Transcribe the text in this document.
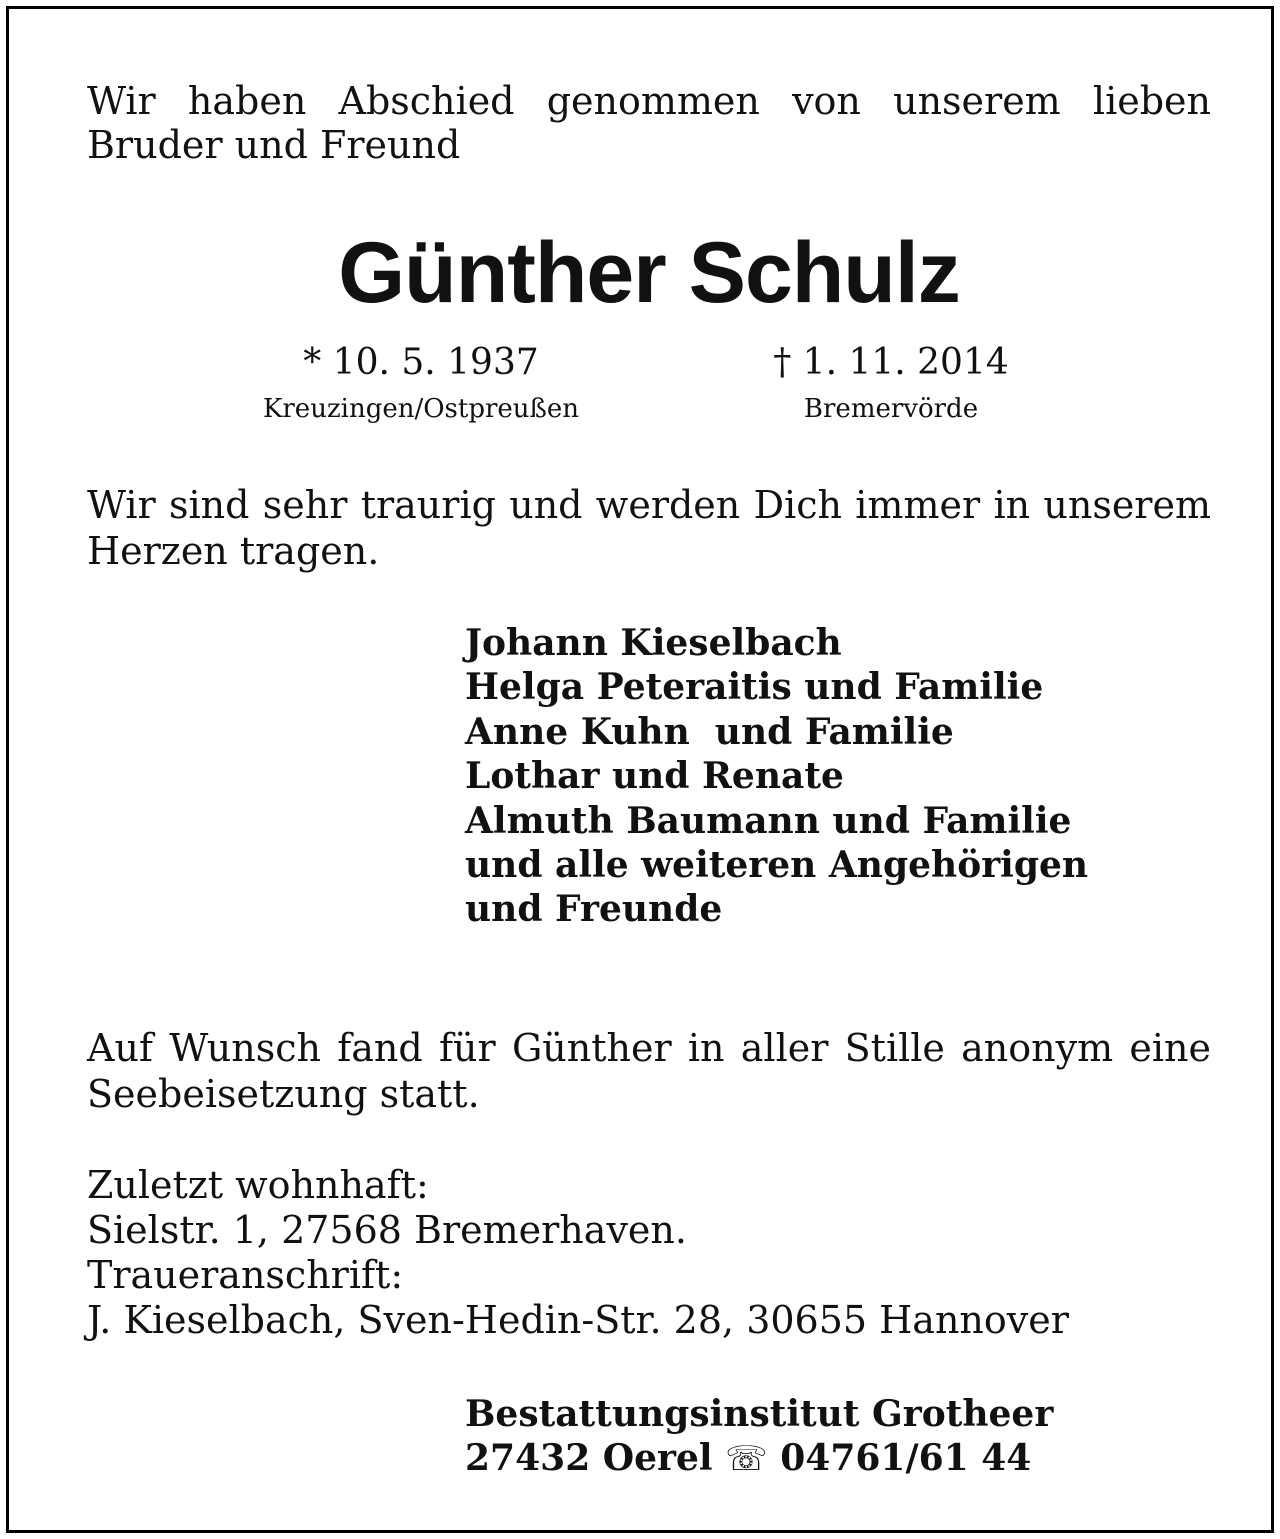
Wir haben Abschied genommen von unserem lieben Bruder und Freund

Günther Schulz
* 10. 5. 1937
Kreuzingen/Ostpreußen
† 1. 11. 2014
Bremervörde

Wir sind sehr traurig und werden Dich immer in unserem Herzen tragen.

Johann Kieselbach
Helga Peteraitis und Familie
Anne Kuhn  und Familie
Lothar und Renate
Almuth Baumann und Familie
und alle weiteren Angehörigen
und Freunde

Auf Wunsch fand für Günther in aller Stille anonym eine Seebeisetzung statt.

Zuletzt wohnhaft:

Sielstr. 1, 27568 Bremerhaven.

Traueranschrift:

J. Kieselbach, Sven-Hedin-Str. 28, 30655 Hannover

Bestattungsinstitut Grotheer

27432 Oerel ☏ 04761/61 44
